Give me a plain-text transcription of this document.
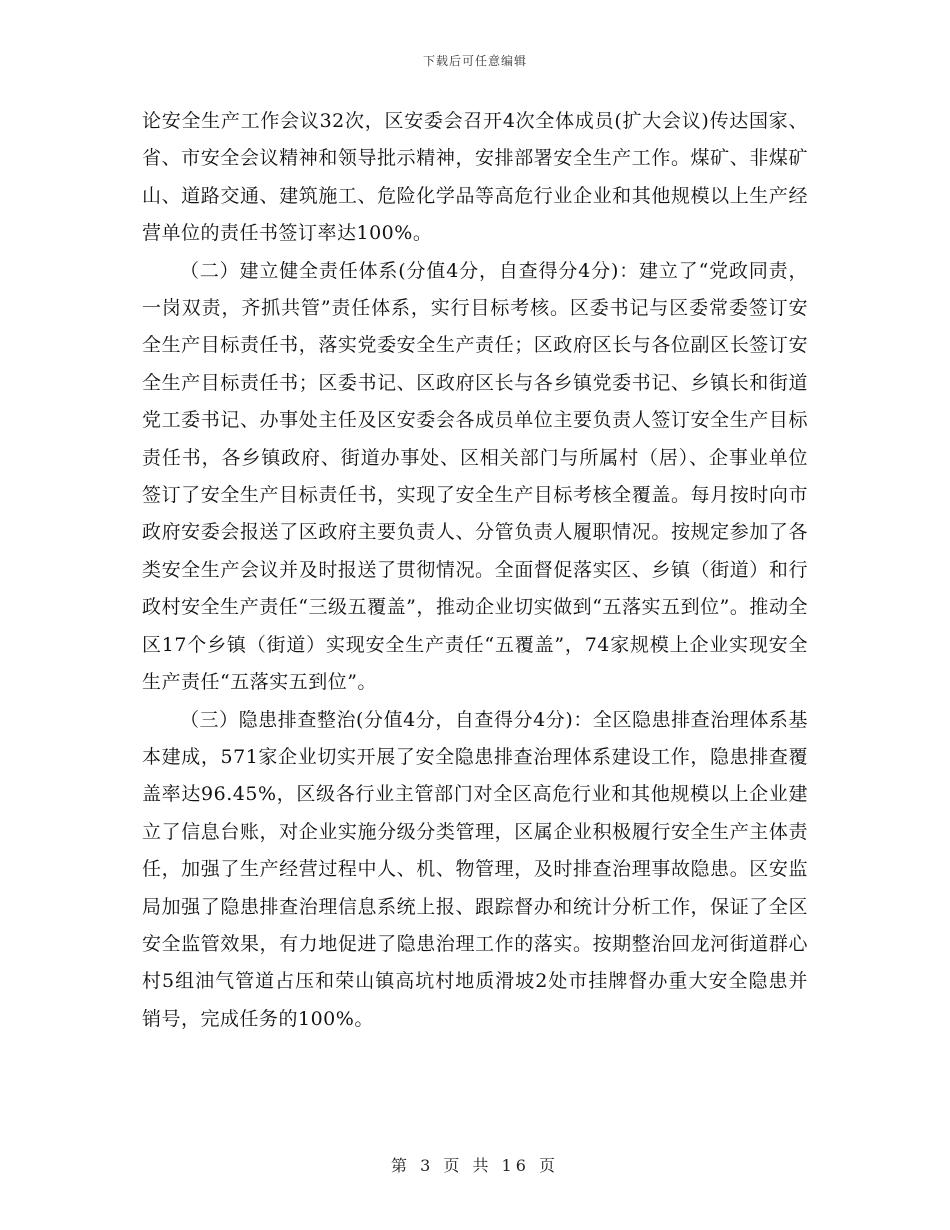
下载后可任意编辑

论安全生产工作会议32次，区安委会召开4次全体成员(扩大会议)传达国家、省、市安全会议精神和领导批示精神，安排部署安全生产工作。煤矿、非煤矿山、道路交通、建筑施工、危险化学品等高危行业企业和其他规模以上生产经营单位的责任书签订率达100%。

（二）建立健全责任体系(分值4分，自查得分4分)：建立了“党政同责，一岗双责，齐抓共管”责任体系，实行目标考核。区委书记与区委常委签订安全生产目标责任书，落实党委安全生产责任；区政府区长与各位副区长签订安全生产目标责任书；区委书记、区政府区长与各乡镇党委书记、乡镇长和街道党工委书记、办事处主任及区安委会各成员单位主要负责人签订安全生产目标责任书，各乡镇政府、街道办事处、区相关部门与所属村（居）、企事业单位签订了安全生产目标责任书，实现了安全生产目标考核全覆盖。每月按时向市政府安委会报送了区政府主要负责人、分管负责人履职情况。按规定参加了各类安全生产会议并及时报送了贯彻情况。全面督促落实区、乡镇（街道）和行政村安全生产责任“三级五覆盖”，推动企业切实做到“五落实五到位”。推动全区17个乡镇（街道）实现安全生产责任“五覆盖”，74家规模上企业实现安全生产责任“五落实五到位”。

（三）隐患排查整治(分值4分，自查得分4分)：全区隐患排查治理体系基本建成，571家企业切实开展了安全隐患排查治理体系建设工作，隐患排查覆盖率达96.45%，区级各行业主管部门对全区高危行业和其他规模以上企业建立了信息台账，对企业实施分级分类管理，区属企业积极履行安全生产主体责任，加强了生产经营过程中人、机、物管理，及时排查治理事故隐患。区安监局加强了隐患排查治理信息系统上报、跟踪督办和统计分析工作，保证了全区安全监管效果，有力地促进了隐患治理工作的落实。按期整治回龙河街道群心村5组油气管道占压和荣山镇高坑村地质滑坡2处市挂牌督办重大安全隐患并销号，完成任务的100%。

第 3 页 共 16 页
